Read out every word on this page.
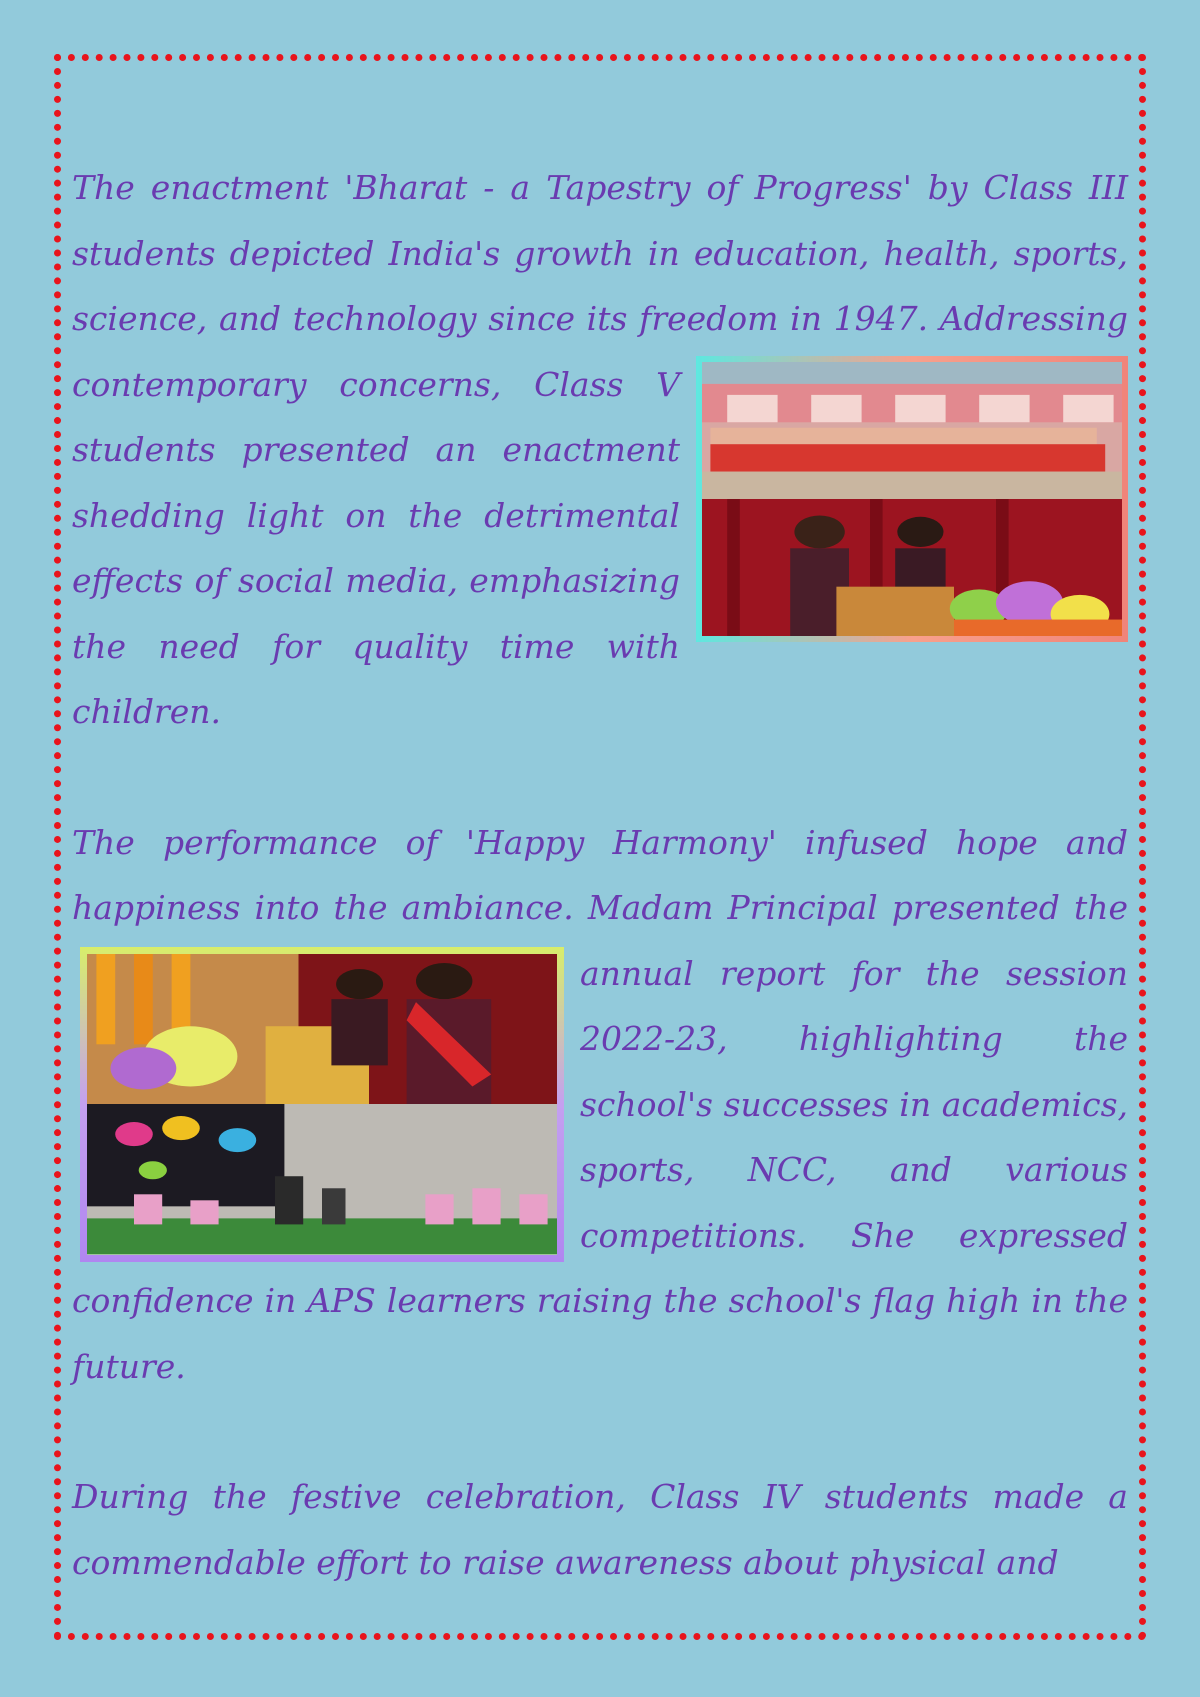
The enactment 'Bharat - a Tapestry of Progress' by Class III students depicted India's growth in education, health, sports, science, and technology since its freedom in 1947. Addressing
contemporary concerns, Class V students presented an enactment shedding light on the detrimental effects of social media, emphasizing the need for quality time with children.

The performance of 'Happy Harmony' infused hope and happiness into the ambiance. Madam Principal presented the
annual report for the session 2022-23, highlighting the school's successes in academics, sports, NCC, and various competitions. She expressed confidence in APS learners raising the school's flag high in the future.

During the festive celebration, Class IV students made a commendable effort to raise awareness about physical and
